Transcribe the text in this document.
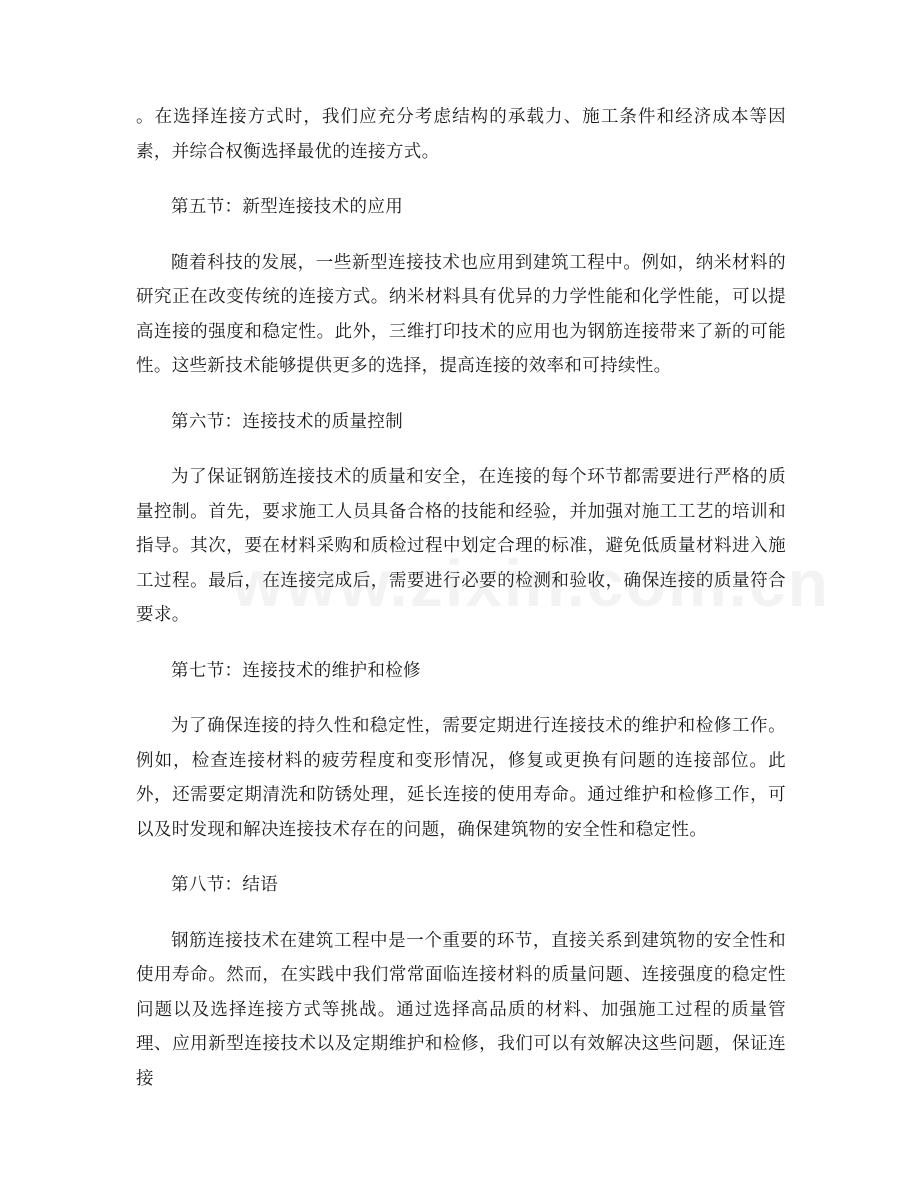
。在选择连接方式时，我们应充分考虑结构的承载力、施工条件和经济成本等因素，并综合权衡选择最优的连接方式。

第五节：新型连接技术的应用

随着科技的发展，一些新型连接技术也应用到建筑工程中。例如，纳米材料的研究正在改变传统的连接方式。纳米材料具有优异的力学性能和化学性能，可以提高连接的强度和稳定性。此外，三维打印技术的应用也为钢筋连接带来了新的可能性。这些新技术能够提供更多的选择，提高连接的效率和可持续性。

第六节：连接技术的质量控制

为了保证钢筋连接技术的质量和安全，在连接的每个环节都需要进行严格的质量控制。首先，要求施工人员具备合格的技能和经验，并加强对施工工艺的培训和指导。其次，要在材料采购和质检过程中划定合理的标准，避免低质量材料进入施工过程。最后，在连接完成后，需要进行必要的检测和验收，确保连接的质量符合要求。

第七节：连接技术的维护和检修

为了确保连接的持久性和稳定性，需要定期进行连接技术的维护和检修工作。例如，检查连接材料的疲劳程度和变形情况，修复或更换有问题的连接部位。此外，还需要定期清洗和防锈处理，延长连接的使用寿命。通过维护和检修工作，可以及时发现和解决连接技术存在的问题，确保建筑物的安全性和稳定性。

第八节：结语

钢筋连接技术在建筑工程中是一个重要的环节，直接关系到建筑物的安全性和使用寿命。然而，在实践中我们常常面临连接材料的质量问题、连接强度的稳定性问题以及选择连接方式等挑战。通过选择高品质的材料、加强施工过程的质量管理、应用新型连接技术以及定期维护和检修，我们可以有效解决这些问题，保证连接
